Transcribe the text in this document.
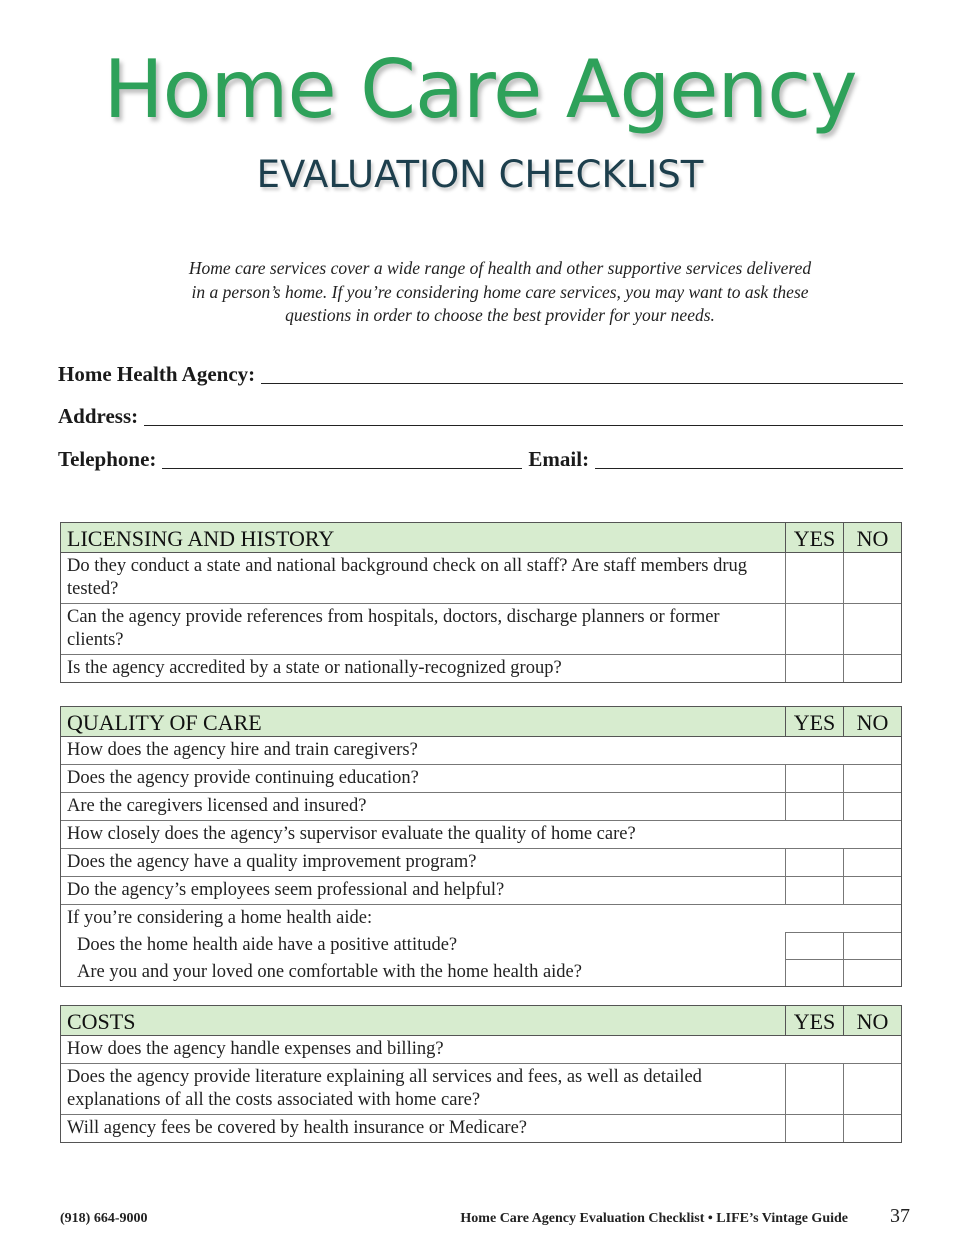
Home Care Agency
EVALUATION CHECKLIST
Home care services cover a wide range of health and other supportive services delivered
in a person’s home. If you’re considering home care services, you may want to ask these
questions in order to choose the best provider for your needs.
Home Health Agency:
Address:
Telephone:	Email:
LICENSING AND HISTORY	YES NO
Do they conduct a state and national background check on all staff? Are staff members drug tested?
Can the agency provide references from hospitals, doctors, discharge planners or former clients?
Is the agency accredited by a state or nationally-recognized group?
QUALITY OF CARE	YES NO
How does the agency hire and train caregivers?
Does the agency provide continuing education?
Are the caregivers licensed and insured?
How closely does the agency’s supervisor evaluate the quality of home care?
Does the agency have a quality improvement program?
Do the agency’s employees seem professional and helpful?
If you’re considering a home health aide:
Does the home health aide have a positive attitude?
Are you and your loved one comfortable with the home health aide?
COSTS	YES NO
How does the agency handle expenses and billing?
Does the agency provide literature explaining all services and fees, as well as detailed explanations of all the costs associated with home care?
Will agency fees be covered by health insurance or Medicare?
(918) 664-9000	Home Care Agency Evaluation Checklist • LIFE’s Vintage Guide 37
